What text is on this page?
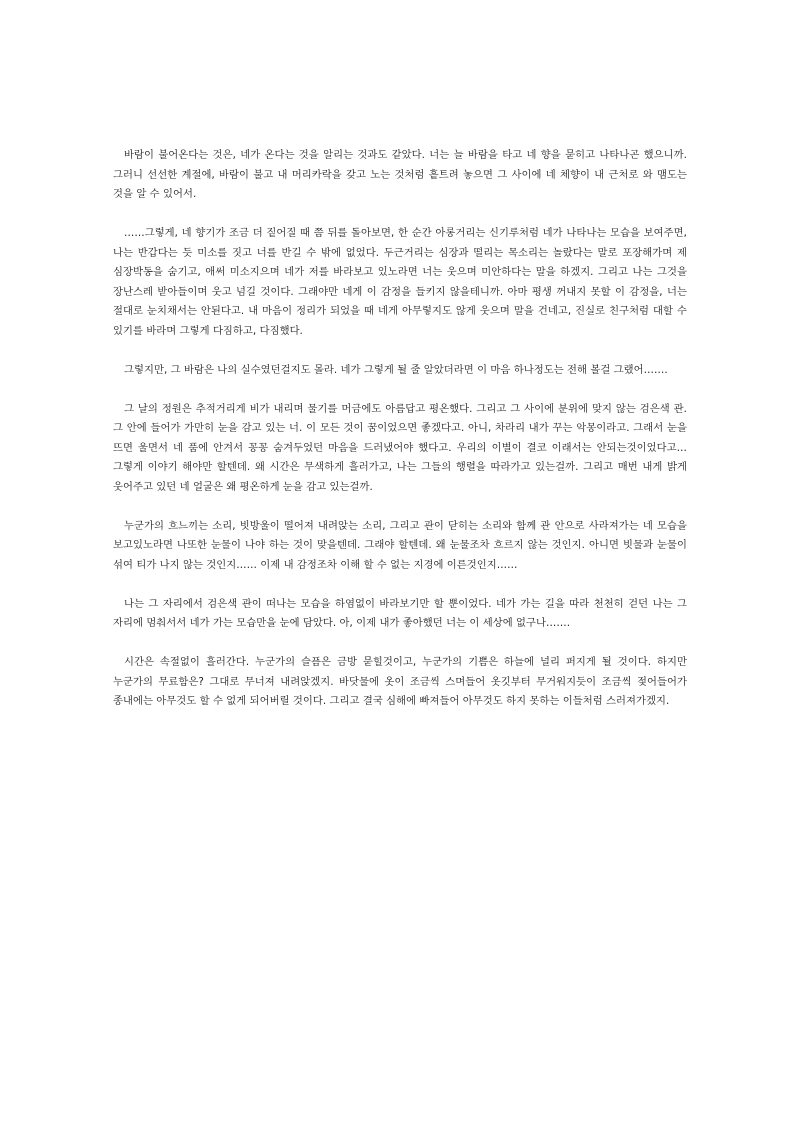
바람이 불어온다는 것은, 네가 온다는 것을 알리는 것과도 같았다. 너는 늘 바람을 타고 네 향을 묻히고 나타나곤 했으니까. 그러니 선선한 계절에, 바람이 불고 내 머리카락을 갖고 노는 것처럼 흩트려 놓으면 그 사이에 네 체향이 내 근처로 와 맴도는 것을 알 수 있어서.

……그렇게, 네 향기가 조금 더 짙어질 때 쯤 뒤를 돌아보면, 한 순간 아롱거리는 신기루처럼 네가 나타나는 모습을 보여주면, 나는 반갑다는 듯 미소를 짓고 너를 반길 수 밖에 없었다. 두근거리는 심장과 떨리는 목소리는 놀랐다는 말로 포장해가며 제 심장박동을 숨기고, 애써 미소지으며 네가 저를 바라보고 있노라면 너는 웃으며 미안하다는 말을 하겠지. 그리고 나는 그것을 장난스레 받아들이며 웃고 넘길 것이다. 그래야만 네게 이 감정을 들키지 않을테니까. 아마 평생 꺼내지 못할 이 감정을, 너는 절대로 눈치채서는 안된다고. 내 마음이 정리가 되었을 때 네게 아무렇지도 않게 웃으며 말을 건네고, 진실로 친구처럼 대할 수 있기를 바라며 그렇게 다짐하고, 다짐했다.

그렇지만, 그 바람은 나의 실수였던걸지도 몰라. 네가 그렇게 될 줄 알았더라면 이 마음 하나정도는 전해 볼걸 그랬어…….

그 날의 정원은 추적거리게 비가 내리며 물기를 머금에도 아름답고 평온했다. 그리고 그 사이에 분위에 맞지 않는 검은색 관. 그 안에 들어가 가만히 눈을 감고 있는 너. 이 모든 것이 꿈이었으면 좋겠다고. 아니, 차라리 내가 꾸는 악몽이라고. 그래서 눈을 뜨면 울면서 네 품에 안겨서 꽁꽁 숨겨두었던 마음을 드러냈어야 했다고. 우리의 이별이 결코 이래서는 안되는것이었다고… 그렇게 이야기 해야만 할텐데. 왜 시간은 무색하게 흘러가고, 나는 그들의 행렬을 따라가고 있는걸까. 그리고 매번 내게 밝게 웃어주고 있던 네 얼굴은 왜 평온하게 눈을 감고 있는걸까.

누군가의 흐느끼는 소리, 빗방울이 떨어져 내려앉는 소리, 그리고 관이 닫히는 소리와 함께 관 안으로 사라져가는 네 모습을 보고있노라면 나또한 눈물이 나야 하는 것이 맞을텐데. 그래야 할텐데. 왜 눈물조차 흐르지 않는 것인지. 아니면 빗물과 눈물이 섞여 티가 나지 않는 것인지…… 이제 내 감정조차 이해 할 수 없는 지경에 이른것인지……

나는 그 자리에서 검은색 관이 떠나는 모습을 하염없이 바라보기만 할 뿐이었다. 네가 가는 길을 따라 천천히 걷던 나는 그 자리에 멈춰서서 네가 가는 모습만을 눈에 담았다. 아, 이제 내가 좋아했던 너는 이 세상에 없구나…….

시간은 속절없이 흘러간다. 누군가의 슬픔은 금방 묻힐것이고, 누군가의 기쁨은 하늘에 널리 퍼지게 될 것이다. 하지만 누군가의 무료함은? 그대로 무너져 내려앉겠지. 바닷물에 옷이 조금씩 스며들어 옷깃부터 무거워지듯이 조금씩 젖어들어가 종내에는 아무것도 할 수 없게 되어버릴 것이다. 그리고 결국 심해에 빠져들어 아무것도 하지 못하는 이들처럼 스러져가겠지.
